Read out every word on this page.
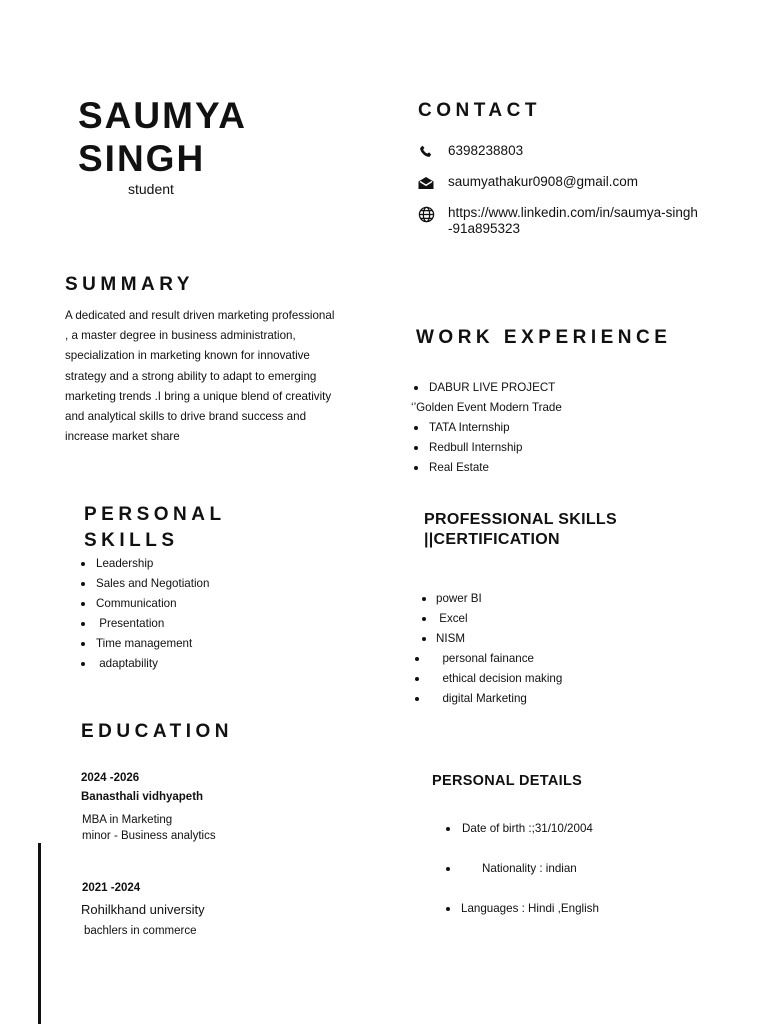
SAUMYA
SINGH
student
CONTACT
6398238803
saumyathakur0908@gmail.com
https://www.linkedin.com/in/saumya-singh-91a895323
SUMMARY

A dedicated and result driven marketing professional , a master degree in business administration, specialization in marketing known for innovative strategy and a strong ability to adapt to emerging marketing trends .I bring a unique blend of creativity and analytical skills to drive brand success and increase market share

WORK EXPERIENCE
DABUR LIVE PROJECT
‘’Golden Event Modern Trade
TATA Internship
Redbull Internship
Real Estate
PERSONAL
SKILLS
Leadership
Sales and Negotiation
Communication
Presentation
Time management
adaptability
PROFESSIONAL SKILLS
||CERTIFICATION
power BI
Excel
NISM
personal fainance
ethical decision making
digital Marketing
EDUCATION
2024 -2026
Banasthali vidhyapeth
MBA in Marketing
minor - Business analytics
2021 -2024
Rohilkhand university
bachlers in commerce
PERSONAL DETAILS
Date of birth :;31/10/2004
Nationality : indian
Languages : Hindi ,English
